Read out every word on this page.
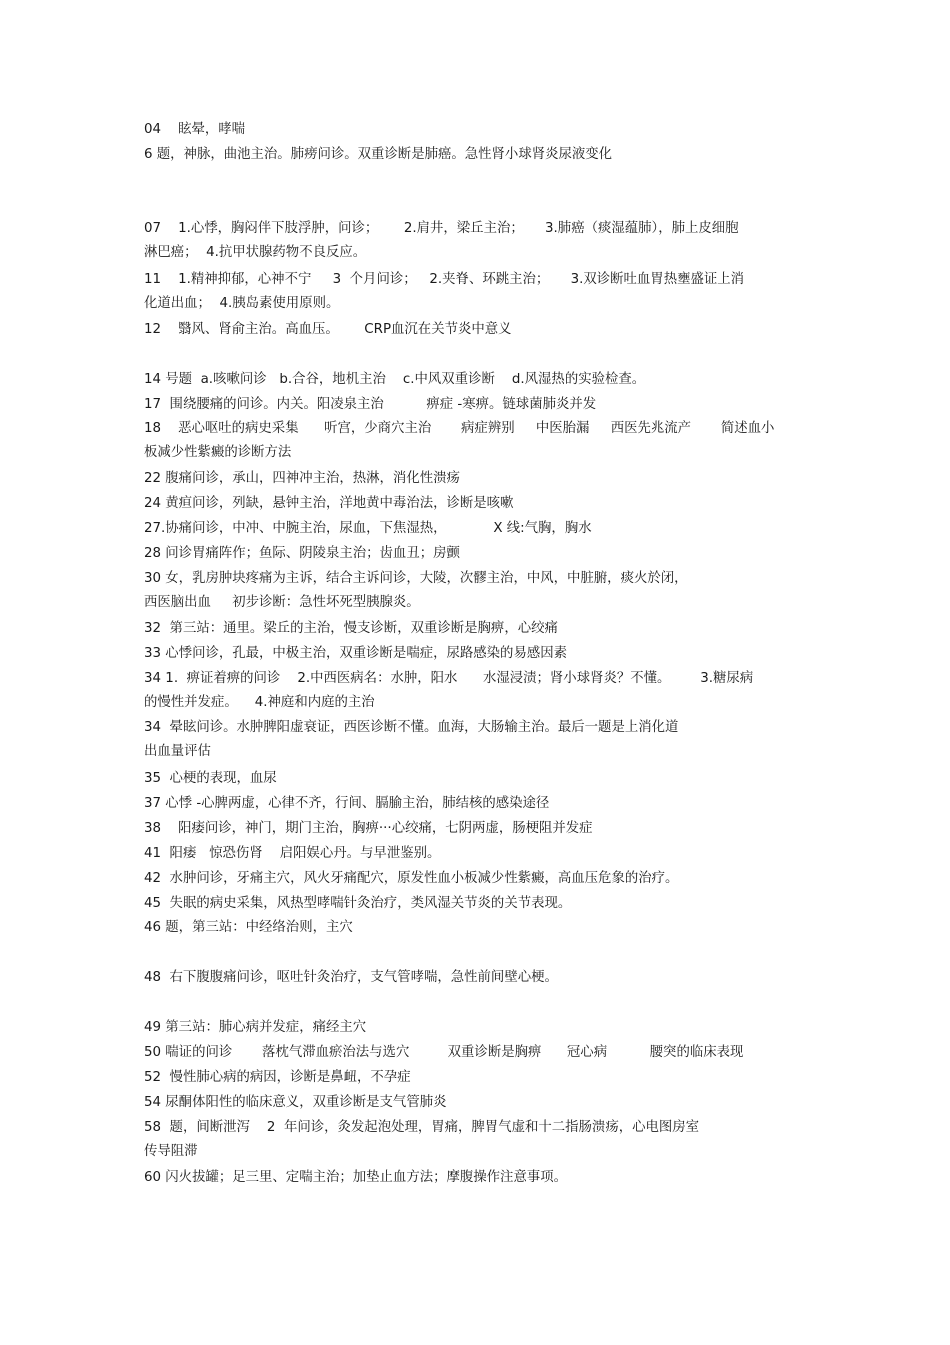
04    眩晕，哮喘
6 题，神脉，曲池主治。肺痨问诊。双重诊断是肺癌。急性肾小球肾炎尿液变化
07    1.心悸，胸闷伴下肢浮肿，问诊；      2.肩井，梁丘主治；     3.肺癌（痰湿蕴肺），肺上皮细胞
淋巴癌；  4.抗甲状腺药物不良反应。
11    1.精神抑郁，心神不宁     3  个月问诊；   2.夹脊、环跳主治；     3.双诊断吐血胃热壅盛证上消
化道出血；  4.胰岛素使用原则。
12    翳风、肾俞主治。高血压。      CRP血沉在关节炎中意义
14 号题  a.咳嗽问诊   b.合谷，地机主治    c.中风双重诊断    d.风湿热的实验检查。
17  围绕腰痛的问诊。内关。阳凌泉主治          痹症 -寒痹。链球菌肺炎并发
18    恶心呕吐的病史采集      听宫，少商穴主治       病症辨别     中医胎漏     西医先兆流产       简述血小
板减少性紫癜的诊断方法
22 腹痛问诊，承山，四神冲主治，热淋，消化性溃疡
24 黄疸问诊，列缺，悬钟主治，洋地黄中毒治法，诊断是咳嗽
27.协痛问诊，中冲、中腕主治，尿血，下焦湿热，           X 线:气胸，胸水
28 问诊胃痛阵作；鱼际、阴陵泉主治；齿血丑；房颤
30 女，乳房肿块疼痛为主诉，结合主诉问诊，大陵，次髎主治，中风，中脏腑，痰火於闭，
西医脑出血     初步诊断：急性坏死型胰腺炎。
32  第三站：通里。梁丘的主治，慢支诊断，双重诊断是胸痹，心绞痛
33 心悸问诊，孔最，中极主治，双重诊断是喘症，尿路感染的易感因素
34 1.  痹证着痹的问诊    2.中西医病名：水肿，阳水      水湿浸渍；肾小球肾炎？不懂。       3.糖尿病
的慢性并发症。    4.神庭和内庭的主治
34  晕眩问诊。水肿脾阳虚衰证，西医诊断不懂。血海，大肠输主治。最后一题是上消化道
出血量评估
35  心梗的表现，血尿
37 心悸 -心脾两虚，心律不齐，行间、膈腧主治，肺结核的感染途径
38    阳痿问诊，神门，期门主治，胸痹···心绞痛，七阴两虚，肠梗阻并发症
41  阳痿   惊恐伤肾    启阳娱心丹。与早泄鉴别。
42  水肿问诊，牙痛主穴，风火牙痛配穴，原发性血小板减少性紫癜，高血压危象的治疗。
45  失眠的病史采集，风热型哮喘针灸治疗，类风湿关节炎的关节表现。
46 题，第三站：中经络治则，主穴
48  右下腹腹痛问诊，呕吐针灸治疗，支气管哮喘，急性前间壁心梗。
49 第三站：肺心病并发症，痛经主穴
50 喘证的问诊       落枕气滞血瘀治法与选穴         双重诊断是胸痹      冠心病          腰突的临床表现
52  慢性肺心病的病因，诊断是鼻衄，不孕症
54 尿酮体阳性的临床意义，双重诊断是支气管肺炎
58  题，间断泄泻    2  年问诊，灸发起泡处理，胃痛，脾胃气虚和十二指肠溃疡，心电图房室
传导阻滞
60 闪火拔罐；足三里、定喘主治；加垫止血方法；摩腹操作注意事项。
